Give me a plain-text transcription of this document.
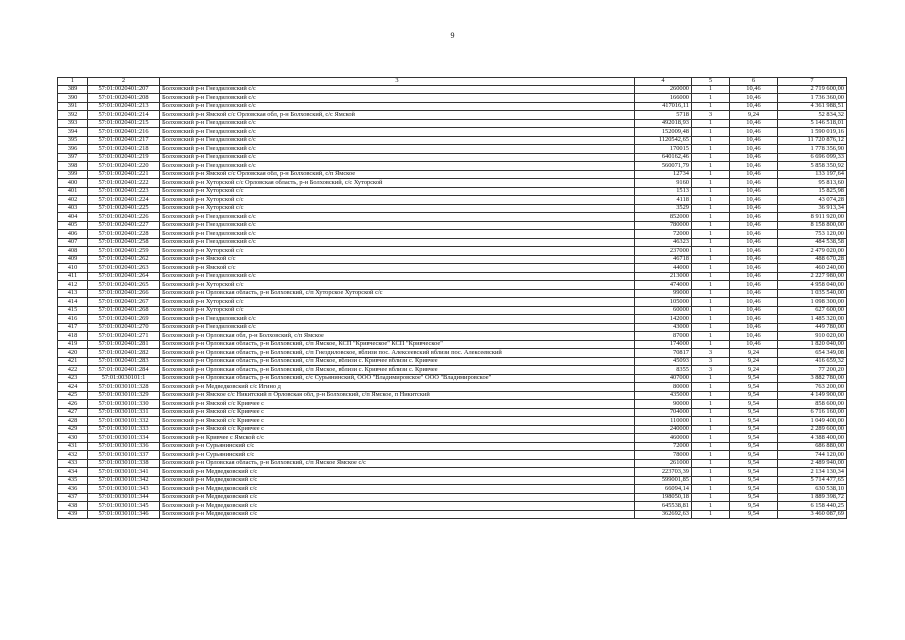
9
1	2	3	4	5	6	7
389	57:01:0020401:207	Болховский р-н Гнездиловский с/с	260000	1	10,46	2 719 600,00
390	57:01:0020401:208	Болховский р-н Гнездиловский с/с	166000	1	10,46	1 736 360,00
391	57:01:0020401:213	Болховский р-н Гнездиловский с/с	417016,11	1	10,46	4 361 988,51
392	57:01:0020401:214	Болховский р-н Ямской с/с Орловская обл, р-н Болховский, с/с Ямской	5718	3	9,24	52 834,32
393	57:01:0020401:215	Болховский р-н Гнездиловский с/с	492018,93	1	10,46	5 146 518,01
394	57:01:0020401:216	Болховский р-н Гнездиловский с/с	152009,48	1	10,46	1 590 019,16
395	57:01:0020401:217	Болховский р-н Гнездиловский с/с	1120542,65	1	10,46	11 720 876,12
396	57:01:0020401:218	Болховский р-н Гнездиловский с/с	170015	1	10,46	1 778 356,90
397	57:01:0020401:219	Болховский р-н Гнездиловский с/с	640162,46	1	10,46	6 696 099,33
398	57:01:0020401:220	Болховский р-н Гнездиловский с/с	560071,79	1	10,46	5 858 350,92
399	57:01:0020401:221	Болховский р-н Ямской с/с Орловская обл, р-н Болховский, с/п Ямское	12734	1	10,46	133 197,64
400	57:01:0020401:222	Болховский р-н Хуторской с/с Орловская область, р-н Болховский, с/с Хуторской	9160	1	10,46	95 813,60
401	57:01:0020401:223	Болховский р-н Хуторской с/с	1513	1	10,46	15 825,98
402	57:01:0020401:224	Болховский р-н Хуторской с/с	4118	1	10,46	43 074,28
403	57:01:0020401:225	Болховский р-н Хуторской с/с	3529	1	10,46	36 913,34
404	57:01:0020401:226	Болховский р-н Гнездиловский с/с	852000	1	10,46	8 911 920,00
405	57:01:0020401:227	Болховский р-н Гнездиловский с/с	780000	1	10,46	8 158 800,00
406	57:01:0020401:228	Болховский р-н Гнездиловский с/с	72000	1	10,46	753 120,00
407	57:01:0020401:258	Болховский р-н Гнездиловский с/с	46323	1	10,46	484 538,58
408	57:01:0020401:259	Болховский р-н Хуторской с/с	237000	1	10,46	2 479 020,00
409	57:01:0020401:262	Болховский р-н Ямской с/с	46718	1	10,46	488 670,28
410	57:01:0020401:263	Болховский р-н Ямской с/с	44000	1	10,46	460 240,00
411	57:01:0020401:264	Болховский р-н Гнездиловский с/с	213000	1	10,46	2 227 980,00
412	57:01:0020401:265	Болховский р-н Хуторской с/с	474000	1	10,46	4 958 040,00
413	57:01:0020401:266	Болховский р-н Орловская область, р-н Болховский, с/п Хуторское Хуторской с/с	99000	1	10,46	1 035 540,00
414	57:01:0020401:267	Болховский р-н Хуторской с/с	105000	1	10,46	1 098 300,00
415	57:01:0020401:268	Болховский р-н Хуторской с/с	60000	1	10,46	627 600,00
416	57:01:0020401:269	Болховский р-н Гнездиловский с/с	142000	1	10,46	1 485 320,00
417	57:01:0020401:270	Болховский р-н Гнездиловский с/с	43000	1	10,46	449 780,00
418	57:01:0020401:271	Болховский р-н Орловская обл, р-н Болховский, с/п Ямское	87000	1	10,46	910 020,00
419	57:01:0020401:281	Болховский р-н Орловская область, р-н Болховский, с/п Ямское, КСП "Кривческое" КСП "Кривческое"	174000	1	10,46	1 820 040,00
420	57:01:0020401:282	Болховский р-н Орловская область, р-н Болховский, с/п Гнездиловское, вблизи пос. Алексеевский вблизи пос. Алексеевский	70817	3	9,24	654 349,08
421	57:01:0020401:283	Болховский р-н Орловская область, р-н Болховский, с/п Ямское, вблизи с. Кривчее вблизи с. Кривчее	45093	3	9,24	416 659,32
422	57:01:0020401:284	Болховский р-н Орловская область, р-н Болховский, с/п Ямское, вблизи с. Кривчее вблизи с. Кривчее	8355	3	9,24	77 200,20
423	57:01:0030101:1	Болховский р-н Орловская область, р-н Болховский, с/с Сурьянинский, ООО "Владимировское" ООО "Владимировское"	407000	1	9,54	3 882 780,00
424	57:01:0030101:328	Болховский р-н Медведковский с/с Игино д	80000	1	9,54	763 200,00
425	57:01:0030101:329	Болховский р-н Ямское с/с Никитский п Орловская обл, р-н Болховский, с/п Ямское, п Никитский	435000	1	9,54	4 149 900,00
426	57:01:0030101:330	Болховский р-н Ямской с/с Кривчее с	90000	1	9,54	858 600,00
427	57:01:0030101:331	Болховский р-н Ямской с/с Кривчее с	704000	1	9,54	6 716 160,00
428	57:01:0030101:332	Болховский р-н Ямской с/с Кривчее с	110000	1	9,54	1 049 400,00
429	57:01:0030101:333	Болховский р-н Ямской с/с Кривчее с	240000	1	9,54	2 289 600,00
430	57:01:0030101:334	Болховский р-н Кривчее с Ямской с/с	460000	1	9,54	4 388 400,00
431	57:01:0030101:336	Болховский р-н Сурьянинский с/с	72000	1	9,54	686 880,00
432	57:01:0030101:337	Болховский р-н Сурьянинский с/с	78000	1	9,54	744 120,00
433	57:01:0030101:338	Болховский р-н Орловская область, р-н Болховский, с/п Ямское Ямское с/с	261000	1	9,54	2 489 940,00
434	57:01:0030101:341	Болховский р-н Медведковский с/с	223703,39	1	9,54	2 134 130,34
435	57:01:0030101:342	Болховский р-н Медведковский с/с	599001,85	1	9,54	5 714 477,65
436	57:01:0030101:343	Болховский р-н Медведковский с/с	66094,14	1	9,54	630 538,10
437	57:01:0030101:344	Болховский р-н Медведковский с/с	198050,18	1	9,54	1 889 398,72
438	57:01:0030101:345	Болховский р-н Медведковский с/с	645538,81	1	9,54	6 158 440,25
439	57:01:0030101:346	Болховский р-н Медведковский с/с	362692,63	1	9,54	3 460 087,69
